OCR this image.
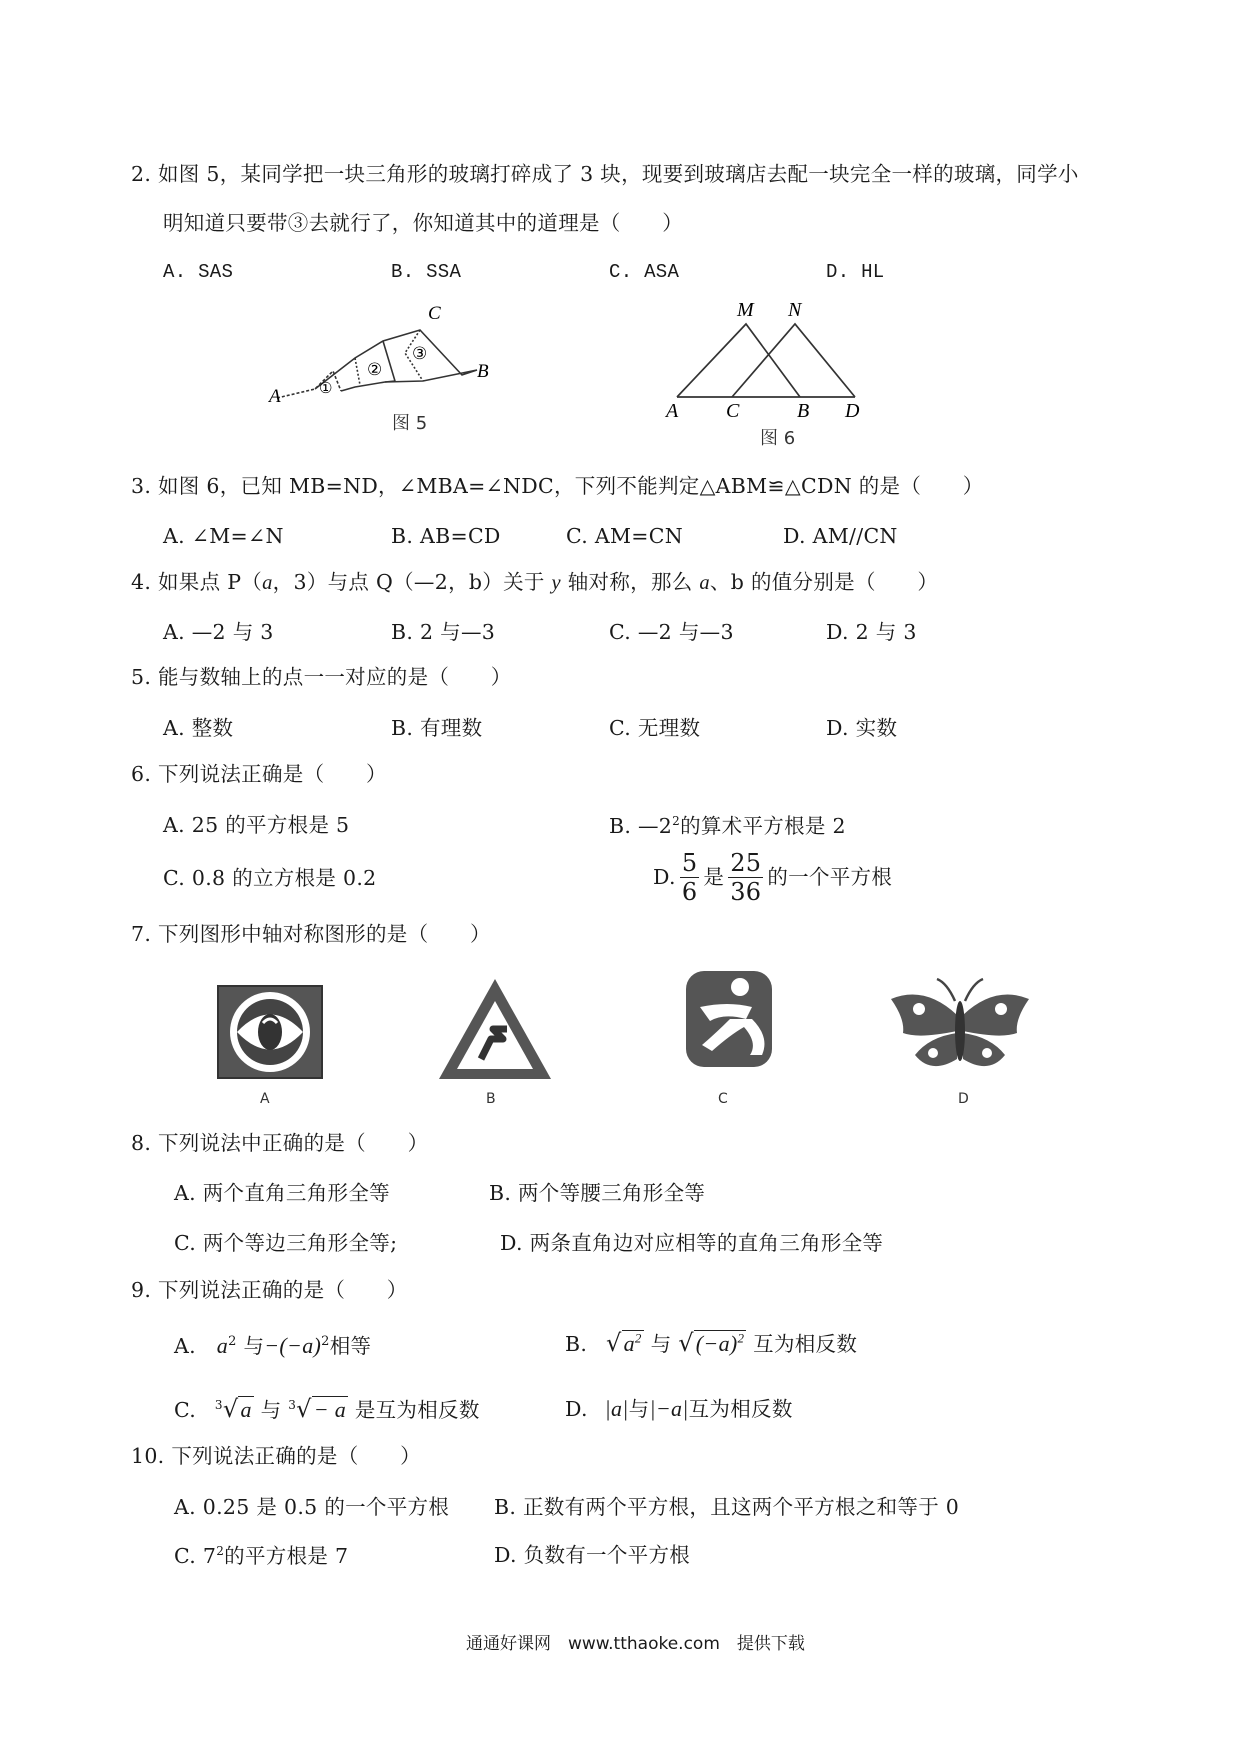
2. 如图 5，某同学把一块三角形的玻璃打碎成了 3 块，现要到玻璃店去配一块完全一样的玻璃，同学小
明知道只要带③去就行了，你知道其中的道理是（　　）
A. SAS	B. SSA	C. ASA	D. HL
A
B
C
①
②
③
图 5
M N
A C	B D
图 6
3. 如图 6，已知 MB=ND，∠MBA=∠NDC，下列不能判定△ABM≌△CDN 的是（　　）
A. ∠M=∠N	B. AB=CD	C. AM=CN	D. AM//CN
4. 如果点 P（a，3）与点 Q（—2，b）关于 y 轴对称，那么 a、b 的值分别是（　　）
A. —2 与 3	B. 2 与—3	C. —2 与—3	D. 2 与 3
5. 能与数轴上的点一一对应的是（　　）
A. 整数	B. 有理数	C. 无理数	D. 实数
6. 下列说法正确是（　　）
A. 25 的平方根是 5	B. $—2^2$的算术平方根是 2
C. 0.8 的立方根是 0.2	D. $\frac{5}{6}$ 是 $\frac{25}{36}$ 的一个平方根
7. 下列图形中轴对称图形的是（　　）
A	B	C	D
8. 下列说法中正确的是（　　）
A. 两个直角三角形全等	B. 两个等腰三角形全等
C. 两个等边三角形全等;	D. 两条直角边对应相等的直角三角形全等
9. 下列说法正确的是（　　）
A. $a^2$ 与$-(-a)^2$相等	B. $√a^2$ 与 $√(-a)^2$ 互为相反数
C. $^3$√a 与 $^3$√− a 是互为相反数	D. |a|与|−a|互为相反数
10. 下列说法正确的是（　　）
A. 0.25 是 0.5 的一个平方根 B. 正数有两个平方根，且这两个平方根之和等于 0
C. $7^2$的平方根是 7	D. 负数有一个平方根
通通好课网　www.tthaoke.com　提供下载
